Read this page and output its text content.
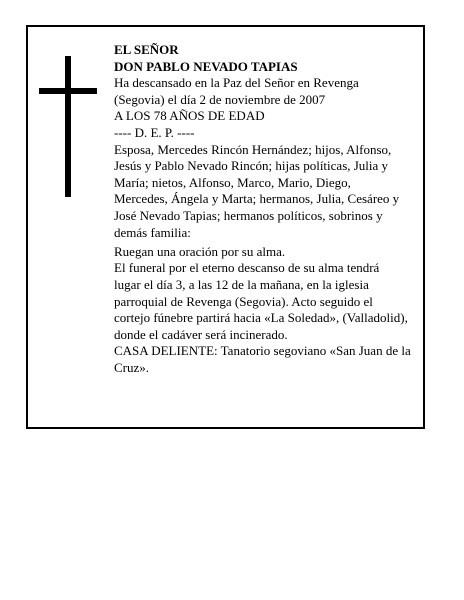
EL SEÑOR

DON PABLO NEVADO TAPIAS

Ha descansado en la Paz del Señor en Revenga

(Segovia) el día 2 de noviembre de 2007

A LOS 78 AÑOS DE EDAD

---- D. E. P. ----

Esposa, Mercedes Rincón Hernández; hijos, Alfonso,

Jesús y Pablo Nevado Rincón; hijas políticas, Julia y

María; nietos, Alfonso, Marco, Mario, Diego,

Mercedes, Ángela y Marta; hermanos, Julia, Cesáreo y

José Nevado Tapias; hermanos políticos, sobrinos y

demás familia:

Ruegan una oración por su alma.

El funeral por el eterno descanso de su alma tendrá

lugar el día 3, a las 12 de la mañana, en la iglesia

parroquial de Revenga (Segovia). Acto seguido el

cortejo fúnebre partirá hacia «La Soledad», (Valladolid),

donde el cadáver será incinerado.

CASA DELIENTE: Tanatorio segoviano «San Juan de la

Cruz».
